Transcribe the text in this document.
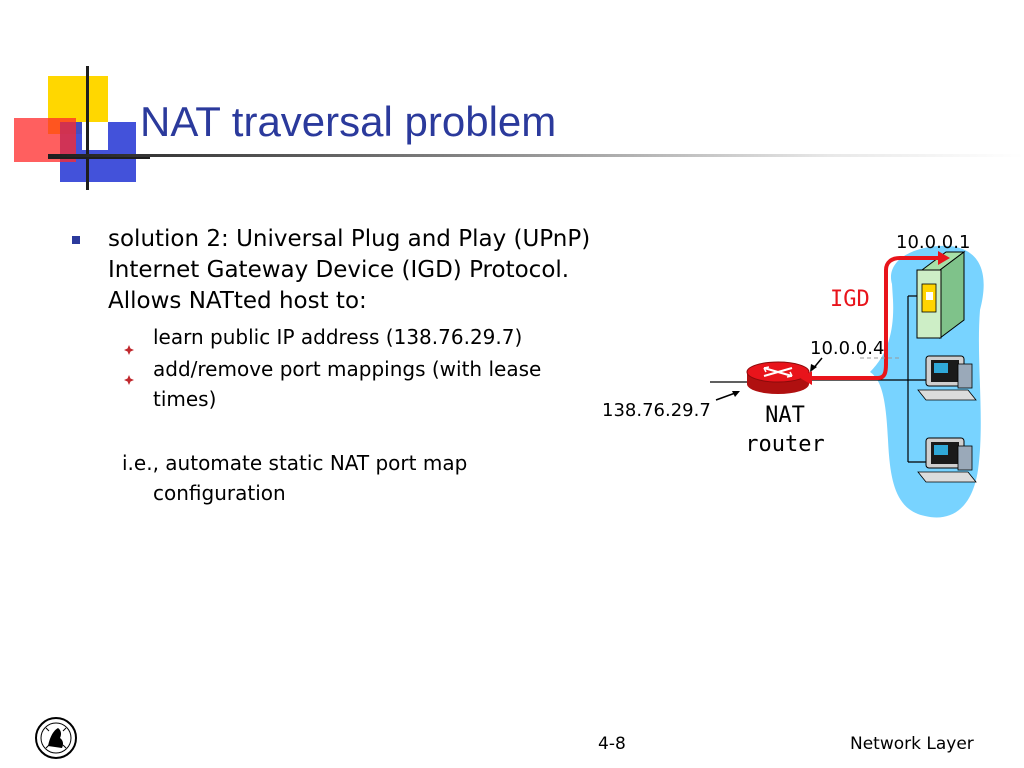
NAT traversal problem
solution 2: Universal Plug and Play (UPnP) Internet Gateway Device (IGD) Protocol. Allows NATted host to:
learn public IP address (138.76.29.7)
add/remove port mappings (with lease times)
i.e., automate static NAT port map
configuration
10.0.0.1
IGD
10.0.0.4
138.76.29.7	NAT
router
4-8	Network Layer
